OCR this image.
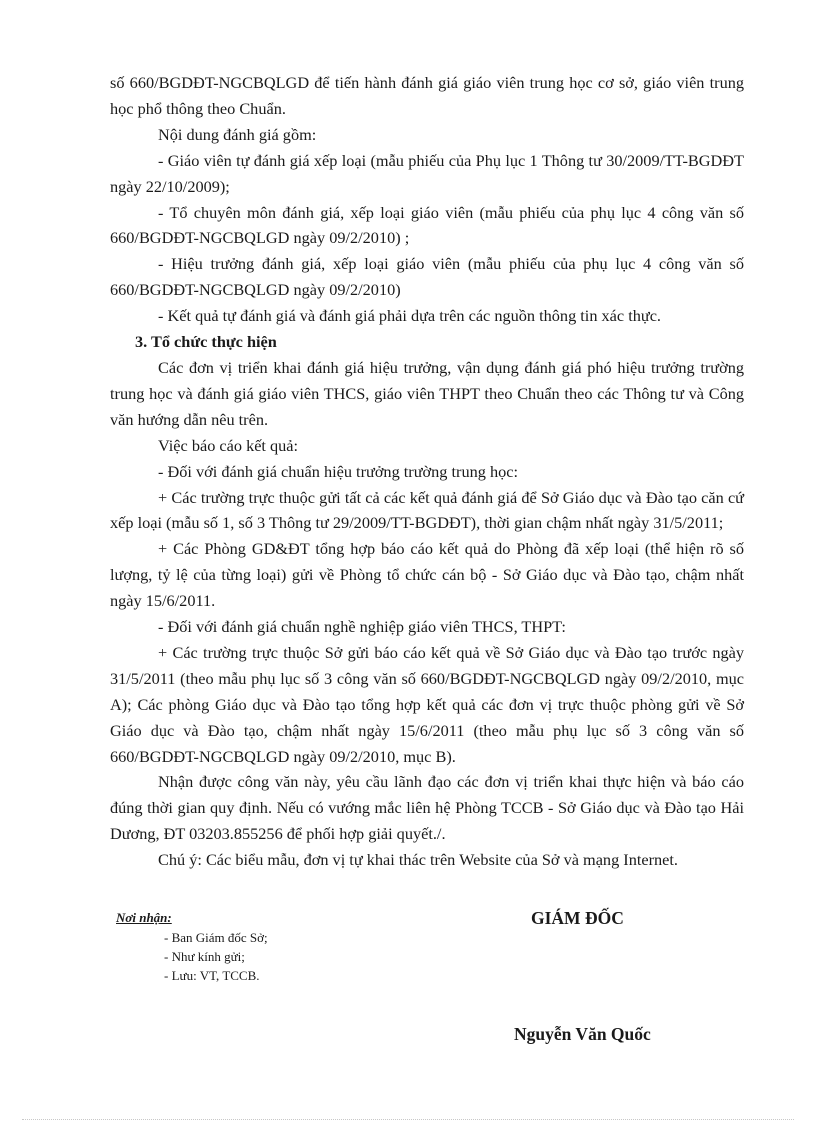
số 660/BGDĐT-NGCBQLGD để tiến hành đánh giá giáo viên trung học cơ sở, giáo viên trung học phổ thông theo Chuẩn.

Nội dung đánh giá gồm:

- Giáo viên tự đánh giá xếp loại (mẫu phiếu của Phụ lục 1 Thông tư 30/2009/TT-BGDĐT ngày 22/10/2009);

- Tổ chuyên môn đánh giá, xếp loại giáo viên (mẫu phiếu của phụ lục 4 công văn số 660/BGDĐT-NGCBQLGD ngày 09/2/2010) ;

- Hiệu trưởng đánh giá, xếp loại giáo viên (mẫu phiếu của phụ lục 4 công văn số 660/BGDĐT-NGCBQLGD ngày 09/2/2010)

- Kết quả tự đánh giá và đánh giá phải dựa trên các nguồn thông tin xác thực.

3. Tổ chức thực hiện

Các đơn vị triển khai đánh giá hiệu trưởng, vận dụng đánh giá phó hiệu trưởng trường trung học và đánh giá giáo viên THCS, giáo viên THPT theo Chuẩn theo các Thông tư và Công văn hướng dẫn nêu trên.

Việc báo cáo kết quả:

- Đối với đánh giá chuẩn hiệu trưởng trường trung học:

+ Các trường trực thuộc gửi tất cả các kết quả đánh giá để Sở Giáo dục và Đào tạo căn cứ xếp loại (mẫu số 1, số 3 Thông tư 29/2009/TT-BGDĐT), thời gian chậm nhất ngày 31/5/2011;

+ Các Phòng GD&ĐT tổng hợp báo cáo kết quả do Phòng đã xếp loại (thể hiện rõ số lượng, tỷ lệ của từng loại) gửi về Phòng tổ chức cán bộ - Sở Giáo dục và Đào tạo, chậm nhất ngày 15/6/2011.

- Đối với đánh giá chuẩn nghề nghiệp giáo viên THCS, THPT:

+ Các trường trực thuộc Sở gửi báo cáo kết quả về Sở Giáo dục và Đào tạo trước ngày 31/5/2011 (theo mẫu phụ lục số 3 công văn số 660/BGDĐT-NGCBQLGD ngày 09/2/2010, mục A); Các phòng Giáo dục và Đào tạo tổng hợp kết quả các đơn vị trực thuộc phòng gửi về Sở Giáo dục và Đào tạo, chậm nhất ngày 15/6/2011 (theo mẫu phụ lục số 3 công văn số 660/BGDĐT-NGCBQLGD ngày 09/2/2010, mục B).

Nhận được công văn này, yêu cầu lãnh đạo các đơn vị triển khai thực hiện và báo cáo đúng thời gian quy định. Nếu có vướng mắc liên hệ Phòng TCCB - Sở Giáo dục và Đào tạo Hải Dương, ĐT 03203.855256 để phối hợp giải quyết./.

Chú ý: Các biểu mẫu, đơn vị tự khai thác trên Website của Sở và mạng Internet.

Nơi nhận:
- Ban Giám đốc Sở;
- Như kính gửi;
- Lưu: VT, TCCB.
GIÁM ĐỐC
Nguyễn Văn Quốc
